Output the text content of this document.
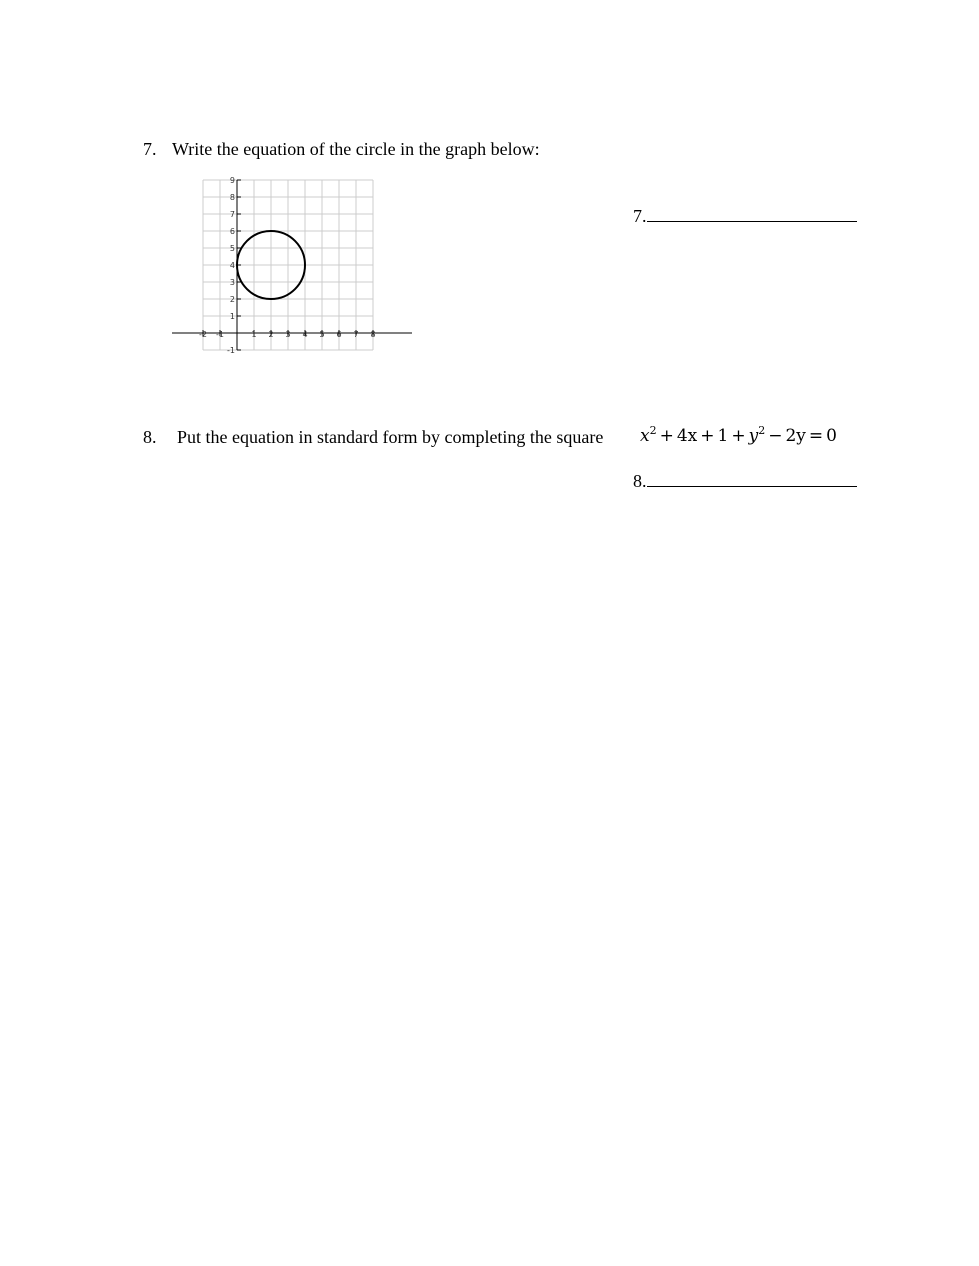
7. Write the equation of the circle in the graph below:
-2 -1	1 2 3 4 5 6 7 8
-1
1
2
3
4
5
6
7
8
9
7.
8. Put the equation in standard form by completing the square $x^2 + 4x + 1 + y^2 - 2y = 0$
8.
